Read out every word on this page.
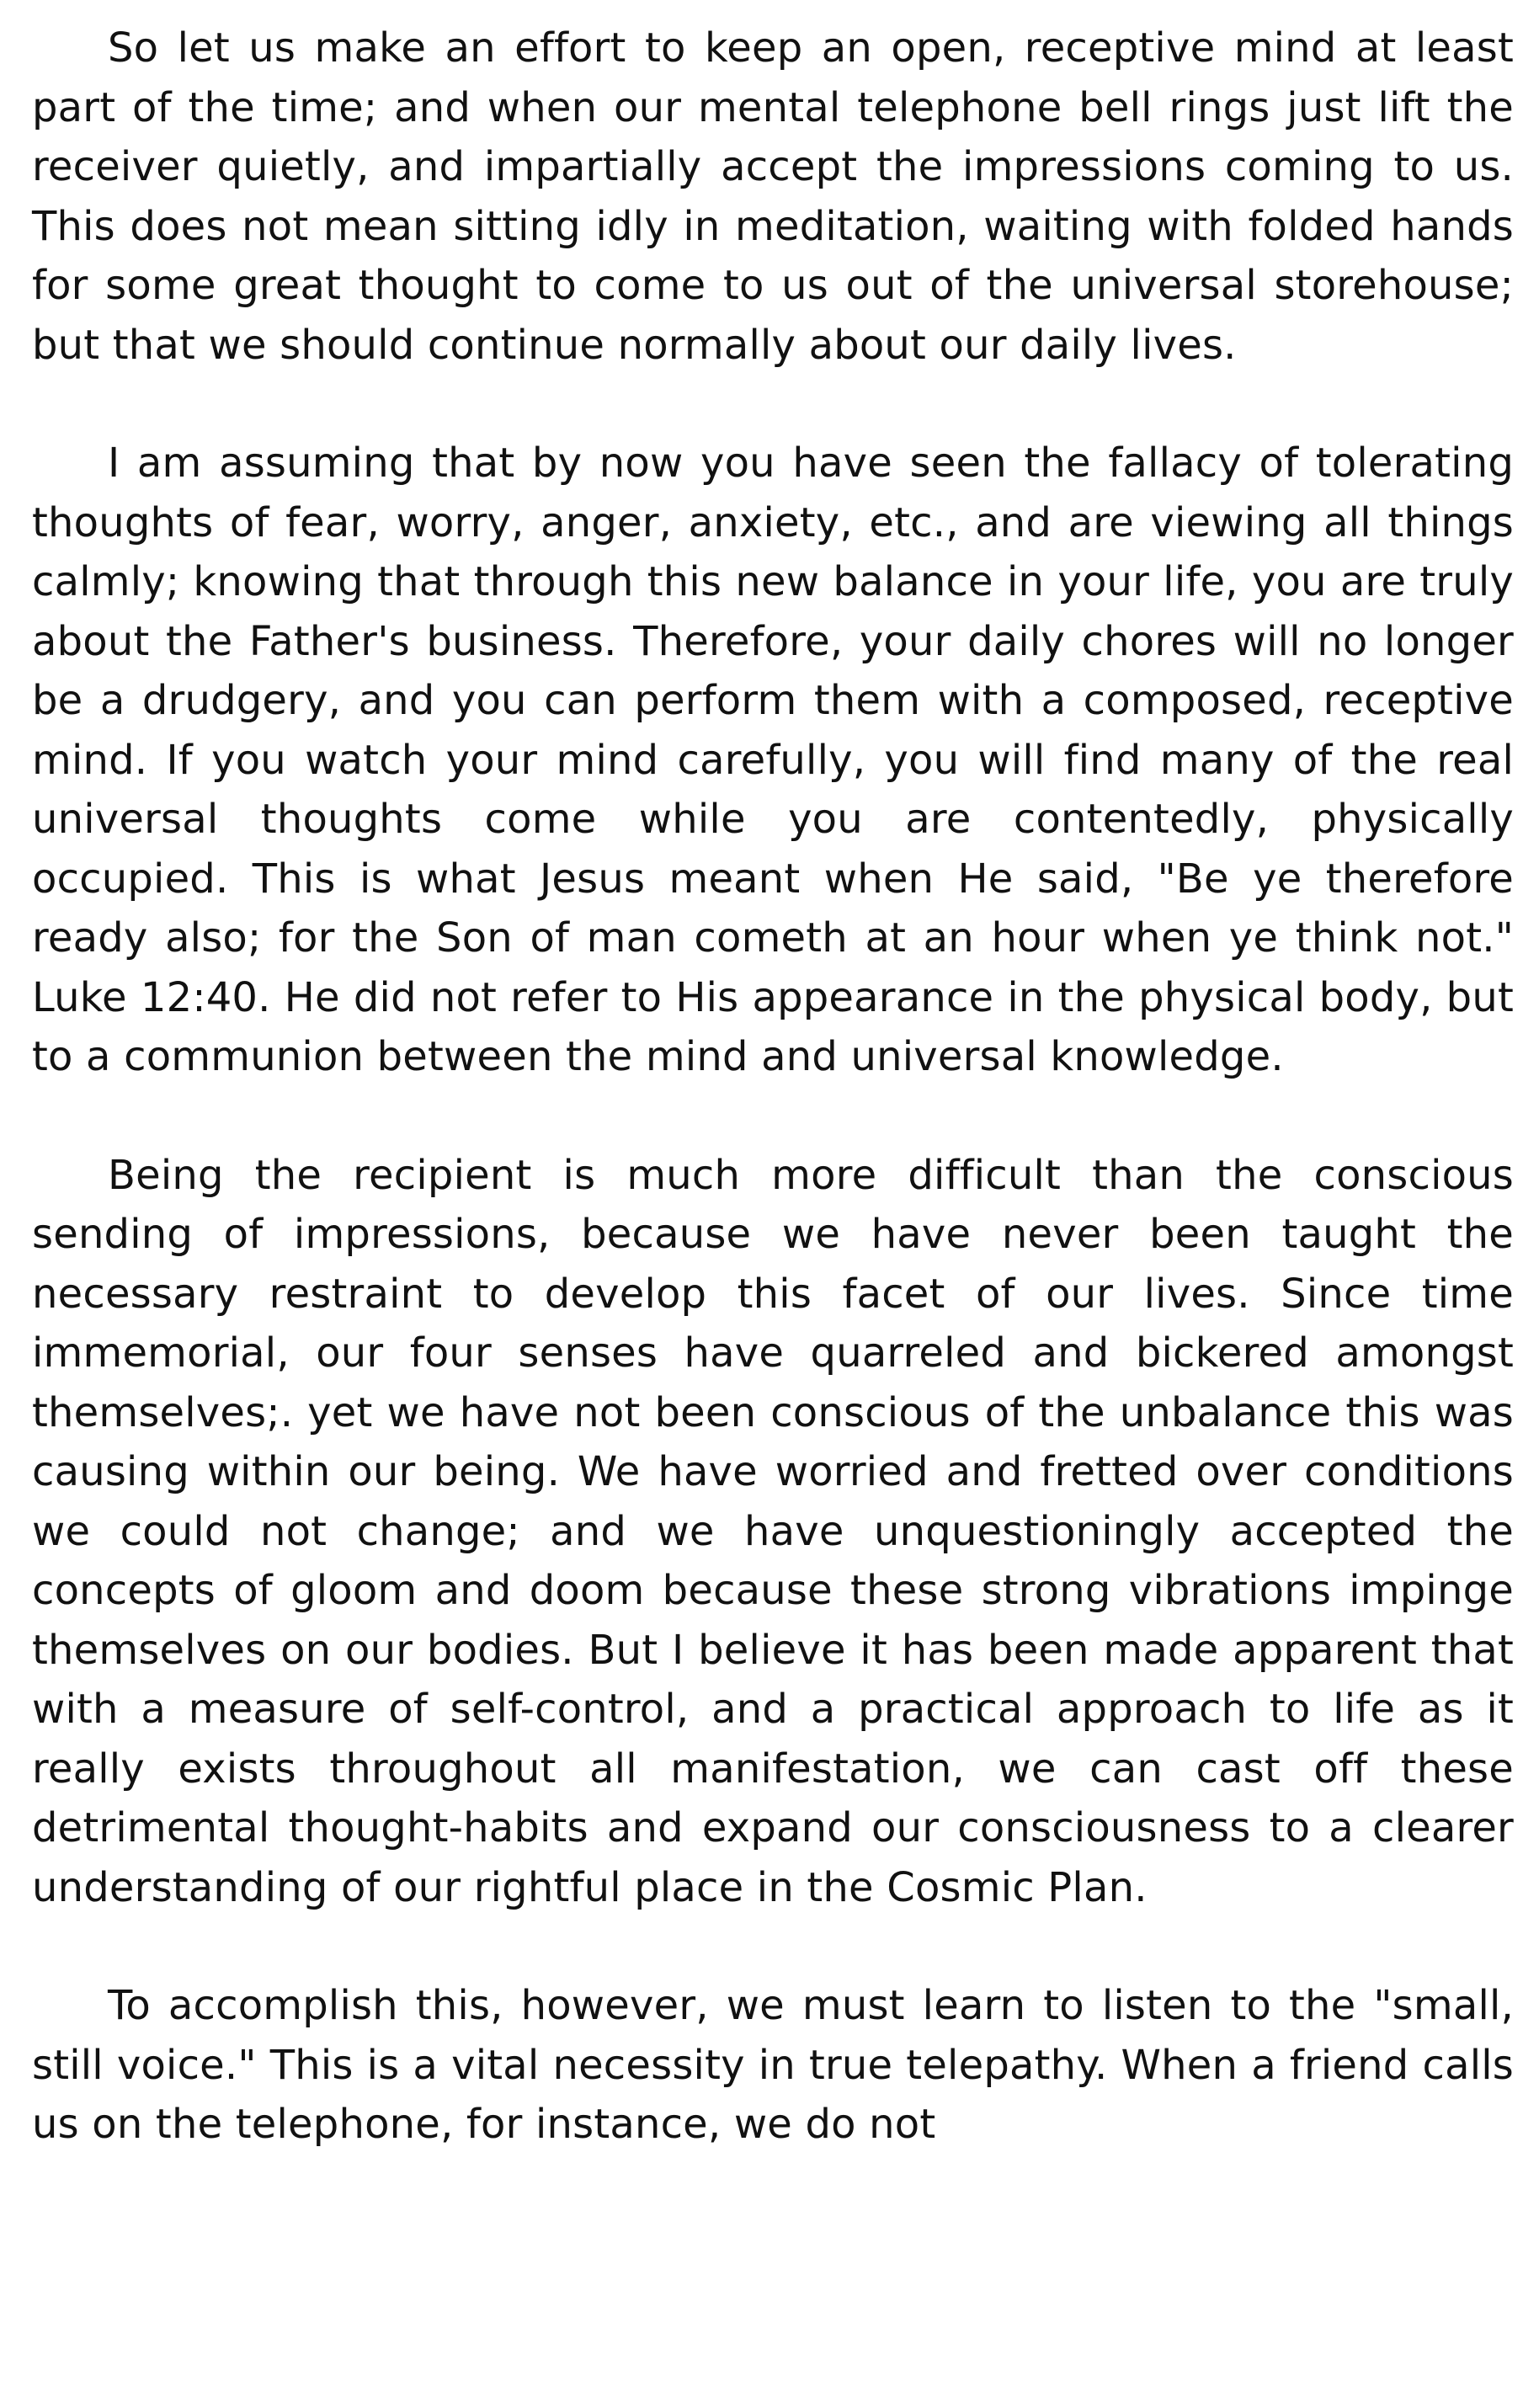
So let us make an effort to keep an open, receptive mind at least part of the time; and when our mental telephone bell rings just lift the receiver quietly, and impartially accept the impressions coming to us. This does not mean sitting idly in meditation, waiting with folded hands for some great thought to come to us out of the universal storehouse; but that we should continue normally about our daily lives.

I am assuming that by now you have seen the fallacy of tolerating thoughts of fear, worry, anger, anxiety, etc., and are viewing all things calmly; knowing that through this new balance in your life, you are truly about the Father's business. Therefore, your daily chores will no longer be a drudgery, and you can perform them with a composed, receptive mind. If you watch your mind carefully, you will find many of the real universal thoughts come while you are contentedly, physically occupied. This is what Jesus meant when He said, "Be ye therefore ready also; for the Son of man cometh at an hour when ye think not." Luke 12:40. He did not refer to His appearance in the physical body, but to a communion between the mind and universal knowledge.

Being the recipient is much more difficult than the conscious sending of impressions, because we have never been taught the necessary restraint to develop this facet of our lives. Since time immemorial, our four senses have quarreled and bickered amongst themselves;. yet we have not been conscious of the unbalance this was causing within our being. We have worried and fretted over conditions we could not change; and we have unquestioningly accepted the concepts of gloom and doom because these strong vibrations impinge themselves on our bodies. But I believe it has been made apparent that with a measure of self-control, and a practical approach to life as it really exists throughout all manifestation, we can cast off these detrimental thought-habits and expand our consciousness to a clearer understanding of our rightful place in the Cosmic Plan.

To accomplish this, however, we must learn to listen to the "small, still voice." This is a vital necessity in true telepathy. When a friend calls us on the telephone, for instance, we do not
